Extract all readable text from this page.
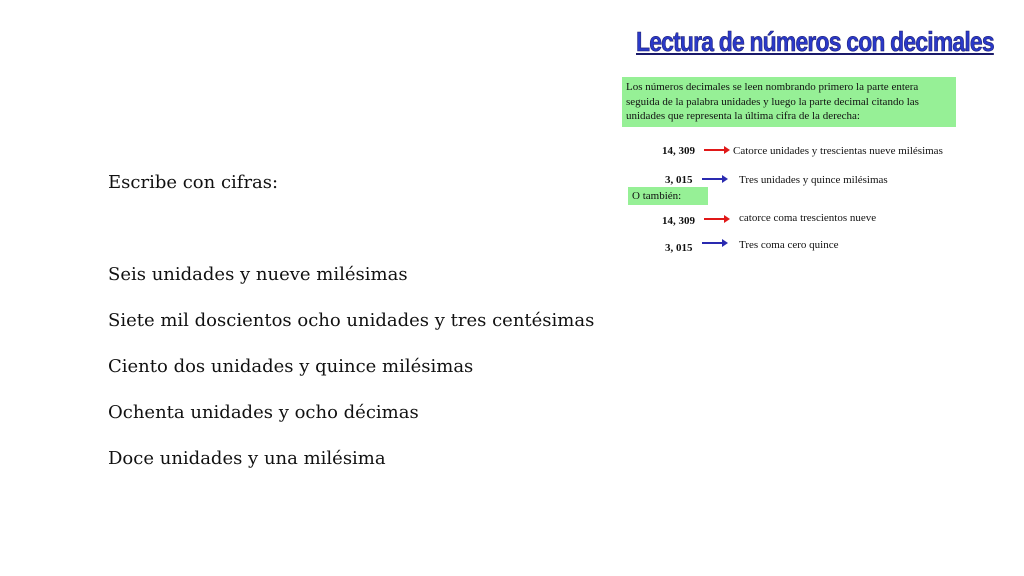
Escribe con cifras:
Seis unidades y nueve milésimas
Siete mil doscientos ocho unidades y tres centésimas
Ciento dos unidades y quince milésimas
Ochenta unidades y ocho décimas
Doce unidades y una milésima
Lectura de números con decimales
Los números decimales se leen nombrando primero la parte entera seguida de la palabra unidades y luego la parte decimal citando las unidades que representa la última cifra de la derecha:
14, 309	Catorce unidades y trescientas nueve milésimas
3, 015	Tres unidades y quince milésimas
O también:
14, 309	catorce coma trescientos nueve
3, 015	Tres coma cero quince
